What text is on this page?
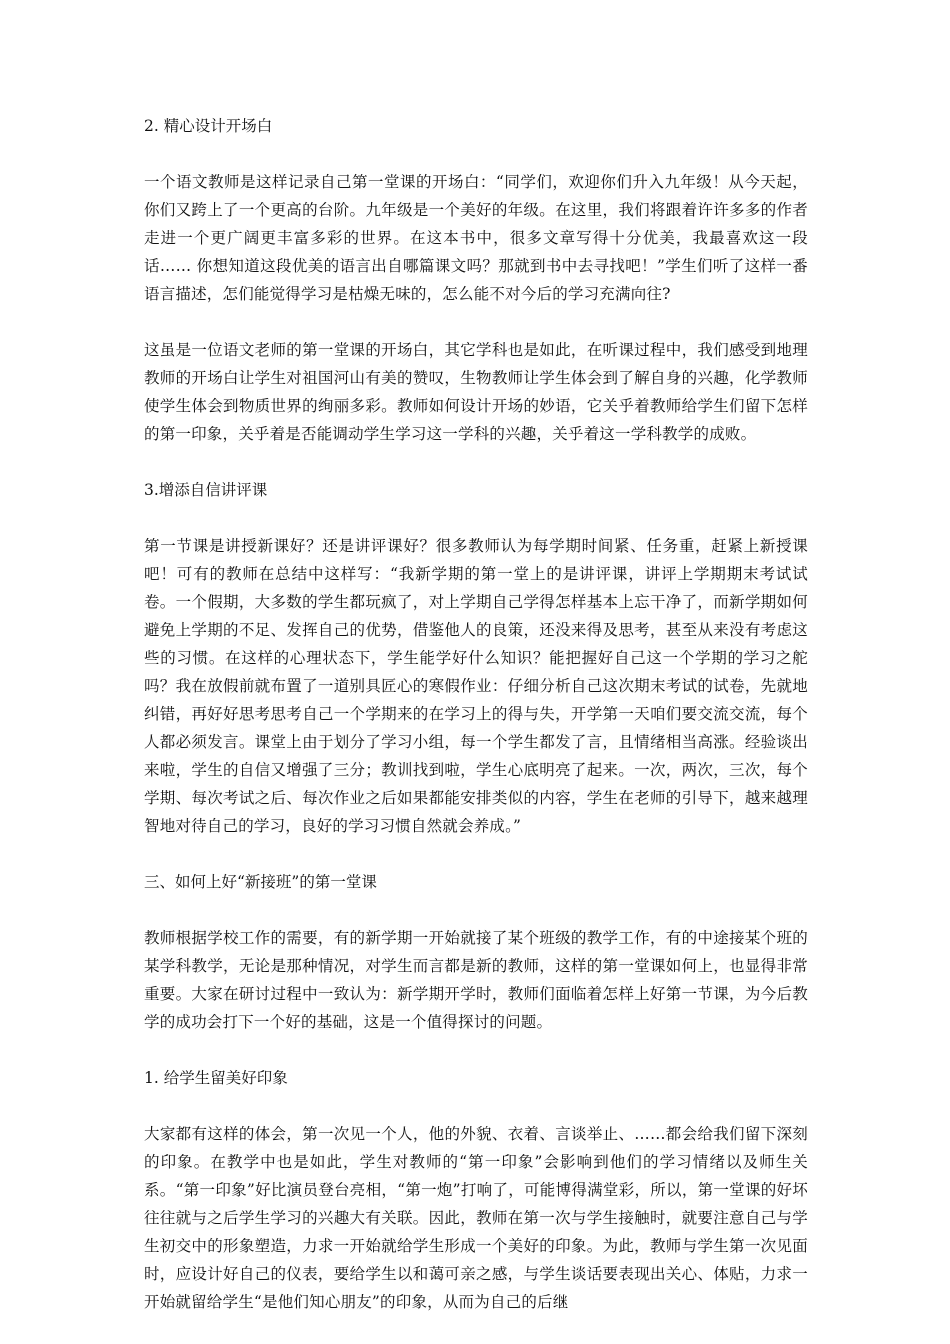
2. 精心设计开场白

一个语文教师是这样记录自己第一堂课的开场白：“同学们，欢迎你们升入九年级！从今天起，你们又跨上了一个更高的台阶。九年级是一个美好的年级。在这里，我们将跟着许许多多的作者走进一个更广阔更丰富多彩的世界。在这本书中，很多文章写得十分优美，我最喜欢这一段话…… 你想知道这段优美的语言出自哪篇课文吗？那就到书中去寻找吧！”学生们听了这样一番语言描述，怎们能觉得学习是枯燥无味的，怎么能不对今后的学习充满向往?

这虽是一位语文老师的第一堂课的开场白，其它学科也是如此，在听课过程中，我们感受到地理教师的开场白让学生对祖国河山有美的赞叹，生物教师让学生体会到了解自身的兴趣，化学教师使学生体会到物质世界的绚丽多彩。教师如何设计开场的妙语，它关乎着教师给学生们留下怎样的第一印象，关乎着是否能调动学生学习这一学科的兴趣，关乎着这一学科教学的成败。

3.增添自信讲评课

第一节课是讲授新课好？还是讲评课好？很多教师认为每学期时间紧、任务重，赶紧上新授课吧！可有的教师在总结中这样写：“我新学期的第一堂上的是讲评课，讲评上学期期末考试试卷。一个假期，大多数的学生都玩疯了，对上学期自己学得怎样基本上忘干净了，而新学期如何避免上学期的不足、发挥自己的优势，借鉴他人的良策，还没来得及思考，甚至从来没有考虑这些的习惯。在这样的心理状态下，学生能学好什么知识？能把握好自己这一个学期的学习之舵吗？我在放假前就布置了一道别具匠心的寒假作业：仔细分析自己这次期末考试的试卷，先就地纠错，再好好思考思考自己一个学期来的在学习上的得与失，开学第一天咱们要交流交流，每个人都必须发言。课堂上由于划分了学习小组，每一个学生都发了言，且情绪相当高涨。经验谈出来啦，学生的自信又增强了三分；教训找到啦，学生心底明亮了起来。一次，两次，三次，每个学期、每次考试之后、每次作业之后如果都能安排类似的内容，学生在老师的引导下，越来越理智地对待自己的学习，良好的学习习惯自然就会养成。”

三、如何上好“新接班”的第一堂课

教师根据学校工作的需要，有的新学期一开始就接了某个班级的教学工作，有的中途接某个班的某学科教学，无论是那种情况，对学生而言都是新的教师，这样的第一堂课如何上，也显得非常重要。大家在研讨过程中一致认为：新学期开学时，教师们面临着怎样上好第一节课，为今后教学的成功会打下一个好的基础，这是一个值得探讨的问题。

1. 给学生留美好印象

大家都有这样的体会，第一次见一个人，他的外貌、衣着、言谈举止、……都会给我们留下深刻的印象。在教学中也是如此，学生对教师的“第一印象”会影响到他们的学习情绪以及师生关系。“第一印象”好比演员登台亮相，“第一炮”打响了，可能博得满堂彩，所以，第一堂课的好坏往往就与之后学生学习的兴趣大有关联。因此，教师在第一次与学生接触时，就要注意自己与学生初交中的形象塑造，力求一开始就给学生形成一个美好的印象。为此，教师与学生第一次见面时，应设计好自己的仪表，要给学生以和蔼可亲之感，与学生谈话要表现出关心、体贴，力求一开始就留给学生“是他们知心朋友”的印象，从而为自己的后继
